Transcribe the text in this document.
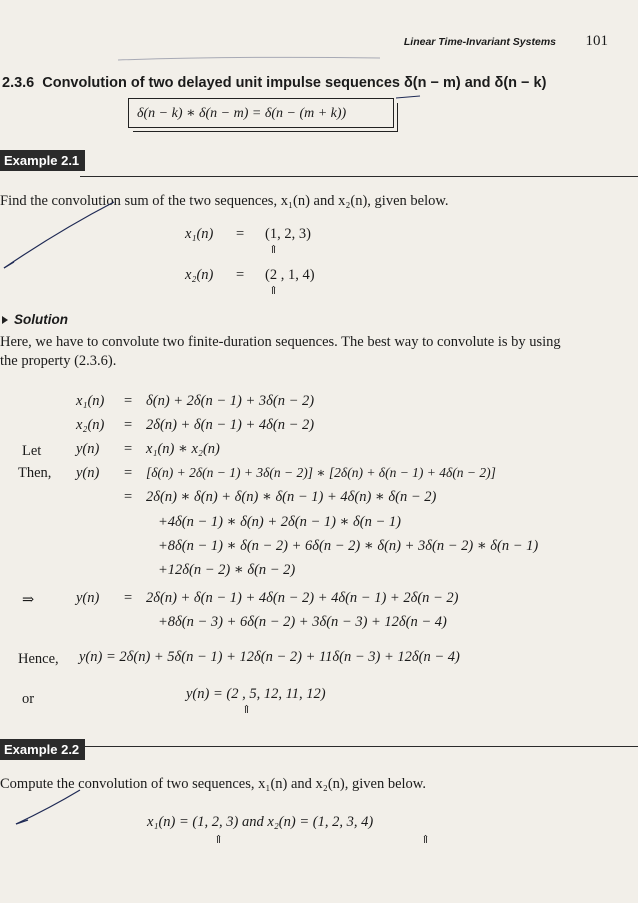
Linear Time-Invariant Systems 101
2.3.6 Convolution of two delayed unit impulse sequences δ(n − m) and δ(n − k)
δ(n − k) ∗ δ(n − m) = δ(n − (m + k))
Example 2.1
Find the convolution sum of the two sequences, x₁(n) and x₂(n), given below.
x₁(n) = (1, 2, 3)
⇑
x₂(n) = (2 , 1, 4)
⇑
Solution
Here, we have to convolute two finite-duration sequences. The best way to convolute is by using
the property (2.3.6).
Let
Then,
⇒
x₁(n) = δ(n) + 2δ(n − 1) + 3δ(n − 2)
x₂(n) = 2δ(n) + δ(n − 1) + 4δ(n − 2)
y(n) = x₁(n) ∗ x₂(n)
y(n) = [δ(n) + 2δ(n − 1) + 3δ(n − 2)] ∗ [2δ(n) + δ(n − 1) + 4δ(n − 2)]
= 2δ(n) ∗ δ(n) + δ(n) ∗ δ(n − 1) + 4δ(n) ∗ δ(n − 2)
+4δ(n − 1) ∗ δ(n) + 2δ(n − 1) ∗ δ(n − 1)
+8δ(n − 1) ∗ δ(n − 2) + 6δ(n − 2) ∗ δ(n) + 3δ(n − 2) ∗ δ(n − 1)
+12δ(n − 2) ∗ δ(n − 2)
y(n) = 2δ(n) + δ(n − 1) + 4δ(n − 2) + 4δ(n − 1) + 2δ(n − 2)
+8δ(n − 3) + 6δ(n − 2) + 3δ(n − 3) + 12δ(n − 4)
Hence, y(n) = 2δ(n) + 5δ(n − 1) + 12δ(n − 2) + 11δ(n − 3) + 12δ(n − 4)
or	y(n) = (2 , 5, 12, 11, 12)
⇑
Example 2.2
Compute the convolution of two sequences, x₁(n) and x₂(n), given below.
x₁(n) = (1, 2, 3) and x₂(n) = (1, 2, 3, 4)
⇑	⇑
